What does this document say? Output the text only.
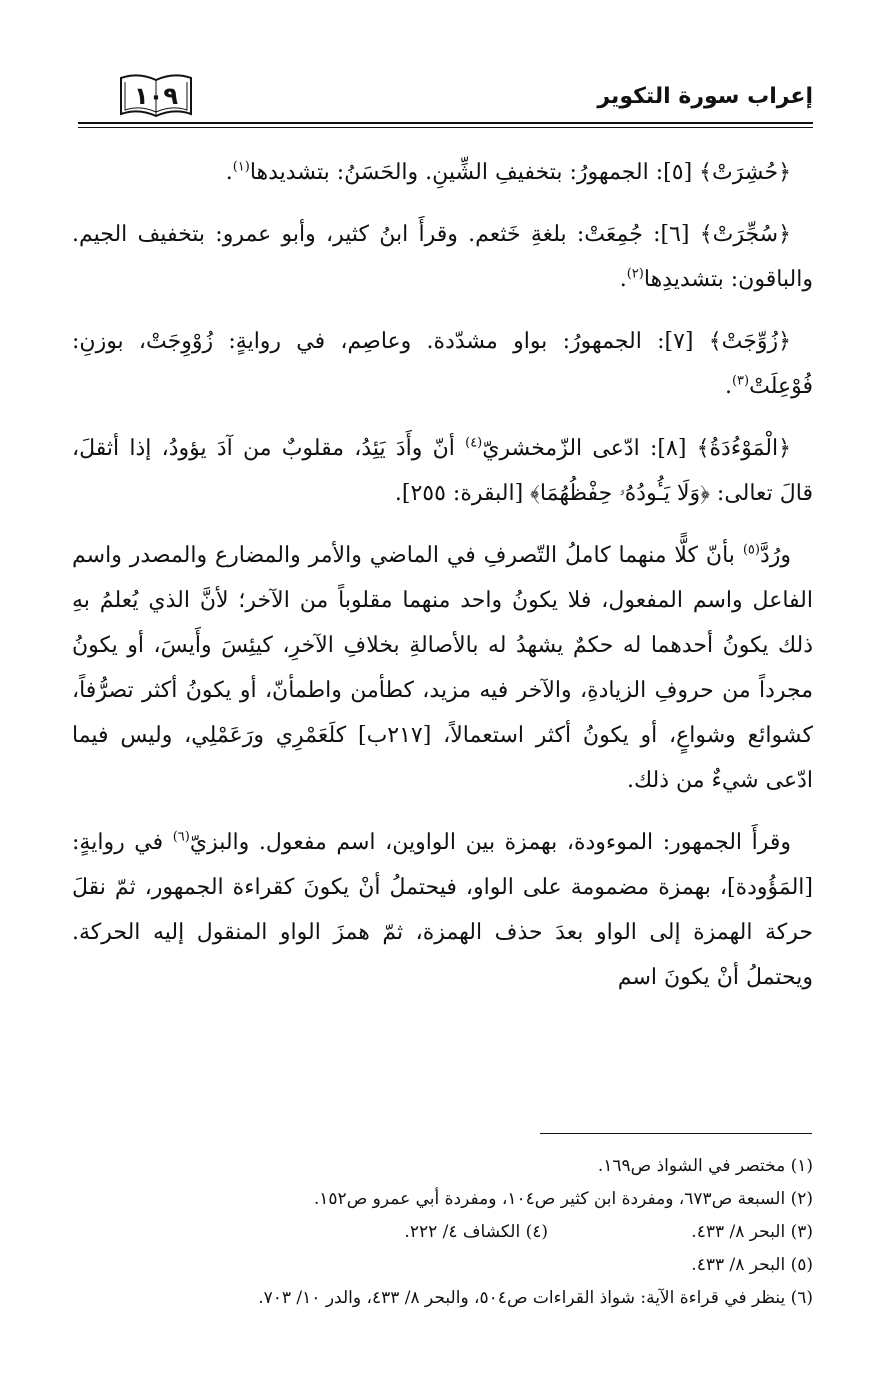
إعراب سورة التكوير
١٠٩

﴿حُشِرَتْ﴾ [٥]: الجمهورُ: بتخفيفِ الشِّينِ. والحَسَنُ: بتشديدها$^{(١)}$.

﴿سُجِّرَتْ﴾ [٦]: جُمِعَتْ: بلغةِ خَثعم. وقرأَ ابنُ كثير، وأبو عمرو: بتخفيف الجيم. والباقون: بتشديدِها$^{(٢)}$.

﴿زُوِّجَتْ﴾ [٧]: الجمهورُ: بواو مشدّدة. وعاصِم، في روايةٍ: زُوْوِجَتْ، بوزنِ: فُوْعِلَتْ$^{(٣)}$.

﴿الْمَوْءُدَةُ﴾ [٨]: ادّعى الزّمخشريّ$^{(٤)}$ أنّ وأَدَ يَئِدُ، مقلوبٌ من آدَ يؤودُ، إذا أثقلَ، قالَ تعالى: ﴿وَلَا يَـُٔودُهُۥ حِفْظُهُمَا﴾ [البقرة: ٢٥٥].

ورُدَّ$^{(٥)}$ بأنّ كلًّا منهما كاملُ التّصرفِ في الماضي والأمر والمضارع والمصدر واسم الفاعل واسم المفعول، فلا يكونُ واحد منهما مقلوباً من الآخر؛ لأنَّ الذي يُعلمُ بهِ ذلك يكونُ أحدهما له حكمٌ يشهدُ له بالأصالةِ بخلافِ الآخرِ، كيئِسَ وأَيسَ، أو يكونُ مجرداً من حروفِ الزيادةِ، والآخر فيه مزيد، كطأمن واطمأنّ، أو يكونُ أكثر تصرُّفاً، كشوائع وشواعٍ، أو يكونُ أكثر استعمالاً، [٢١٧ب] كلَعَمْرِي ورَعَمْلِي، وليس فيما ادّعى شيءٌ من ذلك.

وقرأَ الجمهور: الموءودة، بهمزة بين الواوين، اسم مفعول. والبزيّ$^{(٦)}$ في روايةٍ: [المَؤُودة]، بهمزة مضمومة على الواو، فيحتملُ أنْ يكونَ كقراءة الجمهور، ثمّ نقلَ حركة الهمزة إلى الواو بعدَ حذف الهمزة، ثمّ همزَ الواو المنقول إليه الحركة. ويحتملُ أنْ يكونَ اسم

(١) مختصر في الشواذ ص١٦٩.
(٢) السبعة ص٦٧٣، ومفردة ابن كثير ص١٠٤، ومفردة أبي عمرو ص١٥٢.
(٣) البحر ٨/ ٤٣٣.
(٤) الكشاف ٤/ ٢٢٢.
(٥) البحر ٨/ ٤٣٣.
(٦) ينظر في قراءة الآية: شواذ القراءات ص٥٠٤، والبحر ٨/ ٤٣٣، والدر ١٠/ ٧٠٣.
